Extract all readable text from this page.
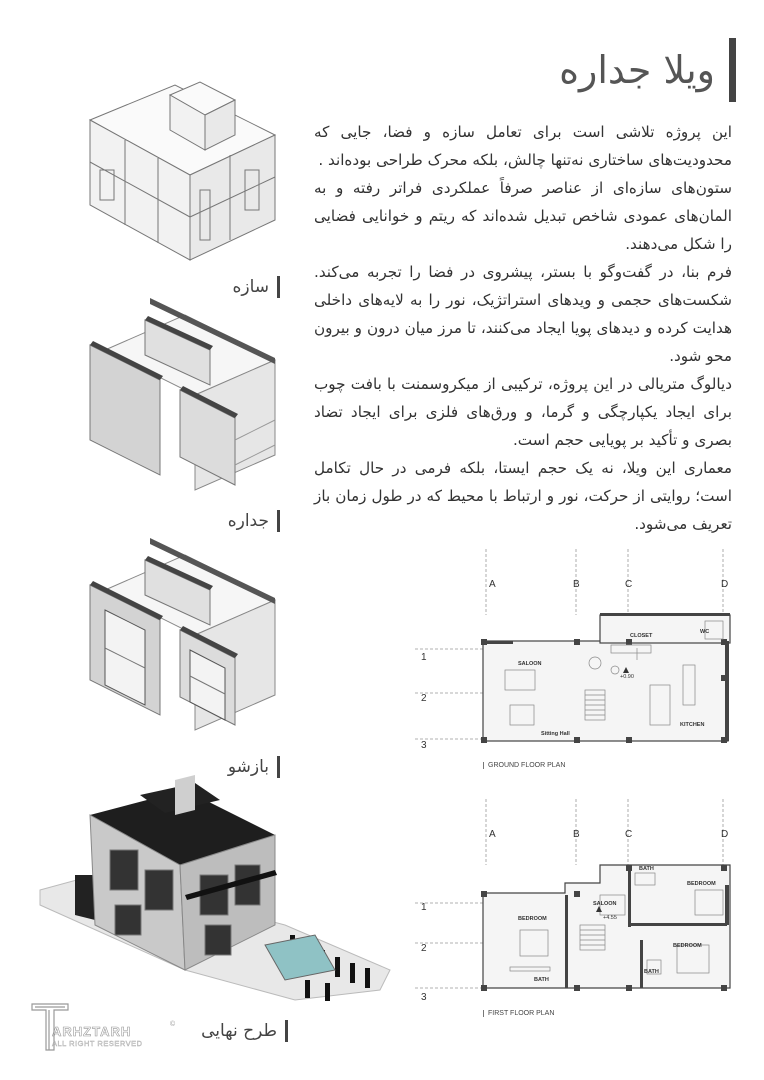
ویلا جداره

این پروژه تلاشی است برای تعامل سازه و فضا، جایی که محدودیت‌های ساختاری نه‌تنها چالش، بلکه محرک طراحی بوده‌اند .

ستون‌های سازه‌ای از عناصر صرفاً عملکردی فراتر رفته و به المان‌های عمودی شاخص تبدیل شده‌اند که ریتم و خوانایی فضایی را شکل می‌دهند.

فرم بنا، در گفت‌وگو با بستر، پیشروی در فضا را تجربه می‌کند. شکست‌های حجمی و ویدهای استراتژیک، نور را به لایه‌های داخلی هدایت کرده و دیدهای پویا ایجاد می‌کنند، تا مرز میان درون و بیرون محو شود.

دیالوگ متریالی در این پروژه، ترکیبی از میکروسمنت با بافت چوب برای ایجاد یکپارچگی و گرما، و ورق‌های فلزی برای ایجاد تضاد بصری و تأکید بر پویایی حجم است.

معماری این ویلا، نه یک حجم ایستا، بلکه فرمی در حال تکامل است؛ روایتی از حرکت، نور و ارتباط با محیط که در طول زمان باز تعریف می‌شود.

سازه
جداره
بازشو
طرح نهایی
ARHZTARH
ALL RIGHT RESERVED
©
A	B	C	D
1
2
3
CLOSET
WC
SALOON
Sitting Hall
KITCHEN
+0.90
GROUND FLOOR PLAN
A	B	C	D
1
2
3
BATH
BEDROOM
SALOON
BEDROOM
BEDROOM
BATH
BATH
+4.55
FIRST FLOOR PLAN
